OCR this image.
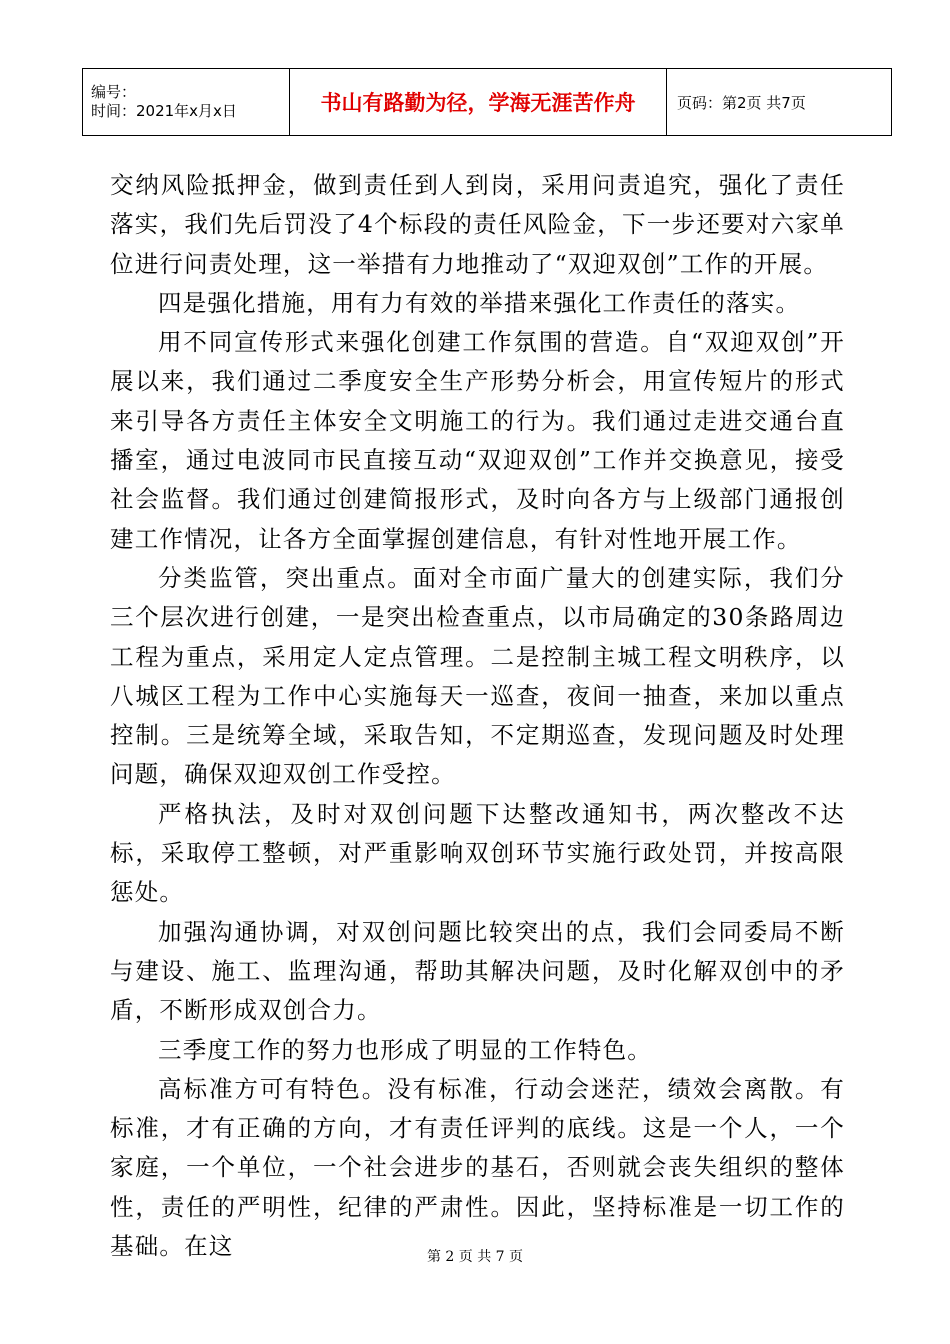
编号：
时间：2021年x月x日	书山有路勤为径，学海无涯苦作舟	页码：第2页 共7页

交纳风险抵押金，做到责任到人到岗，采用问责追究，强化了责任落实，我们先后罚没了4个标段的责任风险金，下一步还要对六家单位进行问责处理，这一举措有力地推动了“双迎双创”工作的开展。

四是强化措施，用有力有效的举措来强化工作责任的落实。

用不同宣传形式来强化创建工作氛围的营造。自“双迎双创”开展以来，我们通过二季度安全生产形势分析会，用宣传短片的形式来引导各方责任主体安全文明施工的行为。我们通过走进交通台直播室，通过电波同市民直接互动“双迎双创”工作并交换意见，接受社会监督。我们通过创建简报形式，及时向各方与上级部门通报创建工作情况，让各方全面掌握创建信息，有针对性地开展工作。

分类监管，突出重点。面对全市面广量大的创建实际，我们分三个层次进行创建，一是突出检查重点，以市局确定的30条路周边工程为重点，采用定人定点管理。二是控制主城工程文明秩序，以八城区工程为工作中心实施每天一巡查，夜间一抽查，来加以重点控制。三是统筹全域，采取告知，不定期巡查，发现问题及时处理问题，确保双迎双创工作受控。

严格执法，及时对双创问题下达整改通知书，两次整改不达标，采取停工整顿，对严重影响双创环节实施行政处罚，并按高限惩处。

加强沟通协调，对双创问题比较突出的点，我们会同委局不断与建设、施工、监理沟通，帮助其解决问题，及时化解双创中的矛盾，不断形成双创合力。

三季度工作的努力也形成了明显的工作特色。

高标准方可有特色。没有标准，行动会迷茫，绩效会离散。有标准，才有正确的方向，才有责任评判的底线。这是一个人，一个家庭，一个单位，一个社会进步的基石，否则就会丧失组织的整体性，责任的严明性，纪律的严肃性。因此，坚持标准是一切工作的基础。在这	第 2 页 共 7 页
